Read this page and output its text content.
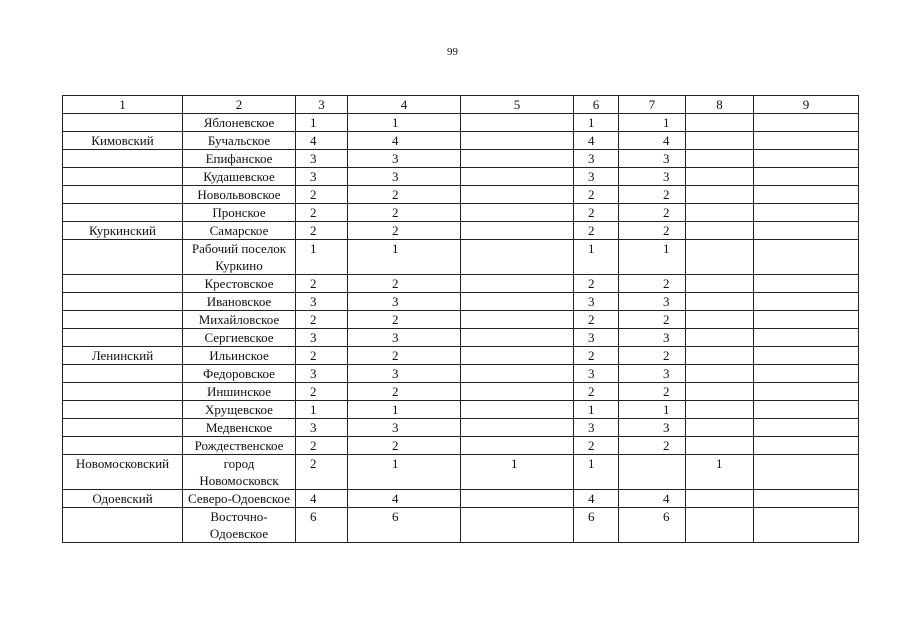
99
1	2	3	4	5	6	7	8	9
	Яблоневское	1	1		1	1		
Кимовский	Бучальское	4	4		4	4		
	Епифанское	3	3		3	3		
	Кудашевское	3	3		3	3		
	Новольвовское	2	2		2	2		
	Пронское	2	2		2	2		
Куркинский	Самарское	2	2		2	2		
	Рабочий поселок Куркино	1	1		1	1		
	Крестовское	2	2		2	2		
	Ивановское	3	3		3	3		
	Михайловское	2	2		2	2		
	Сергиевское	3	3		3	3		
Ленинский	Ильинское	2	2		2	2		
	Федоровское	3	3		3	3		
	Иншинское	2	2		2	2		
	Хрущевское	1	1		1	1		
	Медвенское	3	3		3	3		
	Рождественское	2	2		2	2		
Новомосковский	город Новомосковск	2	1	1	1		1	
Одоевский	Северо-Одоевское	4	4		4	4		
	Восточно-Одоевское	6	6		6	6		
